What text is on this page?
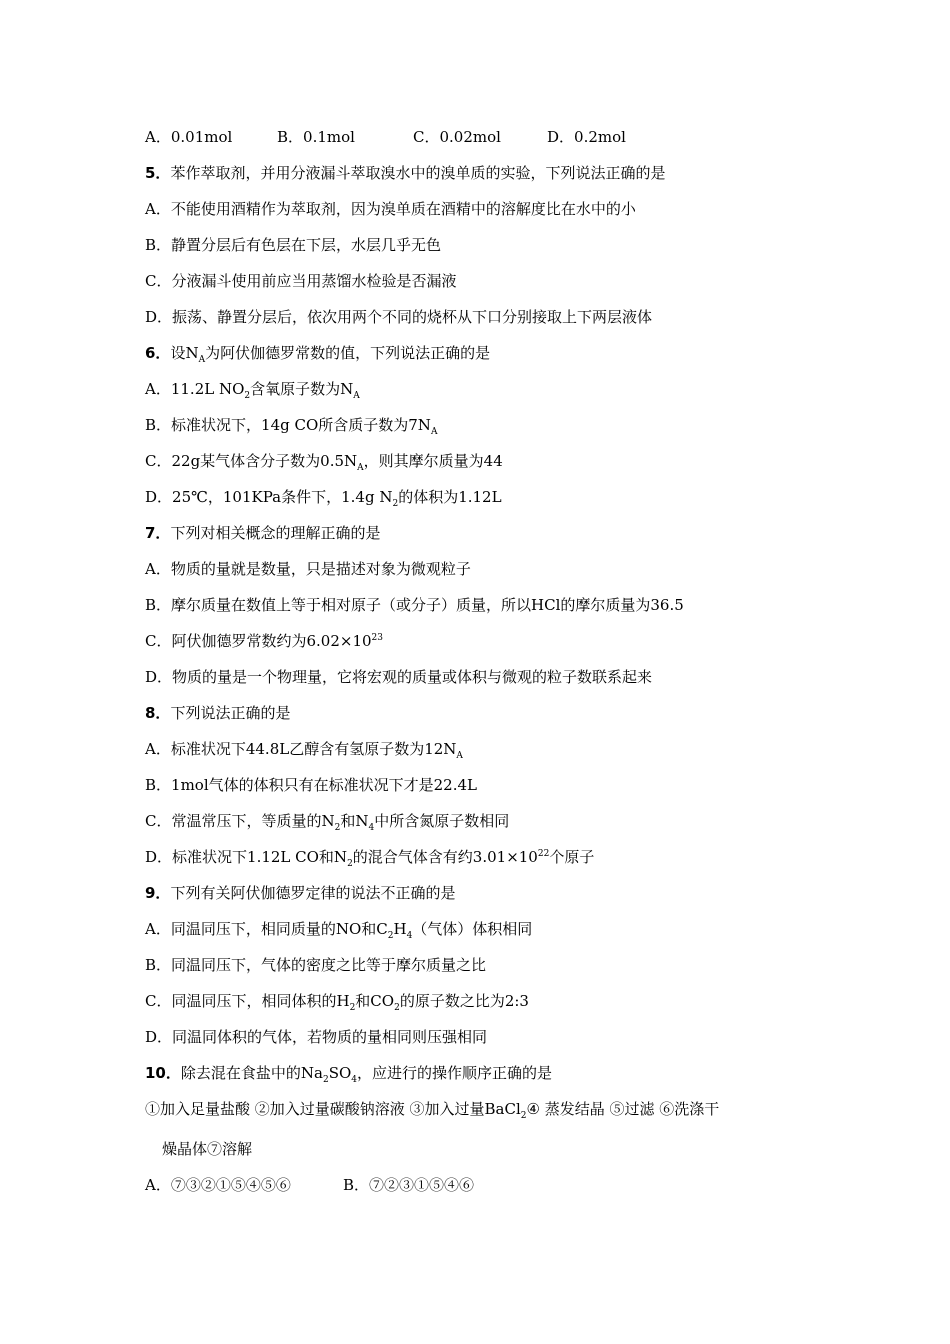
A．0.01mol	B．0.1mol	C．0.02mol	D．0.2mol
5．苯作萃取剂，并用分液漏斗萃取溴水中的溴单质的实验，下列说法正确的是
A．不能使用酒精作为萃取剂，因为溴单质在酒精中的溶解度比在水中的小
B．静置分层后有色层在下层，水层几乎无色
C．分液漏斗使用前应当用蒸馏水检验是否漏液
D．振荡、静置分层后，依次用两个不同的烧杯从下口分别接取上下两层液体
6．设$N_A$为阿伏伽德罗常数的值，下列说法正确的是
A．11.2L $NO_2$含氧原子数为$N_A$
B．标准状况下，14g CO所含质子数为$7N_A$
C．22g某气体含分子数为$0.5N_A$，则其摩尔质量为44
D．25℃，101KPa条件下，1.4g $N_2$的体积为1.12L
7．下列对相关概念的理解正确的是
A．物质的量就是数量，只是描述对象为微观粒子
B．摩尔质量在数值上等于相对原子（或分子）质量，所以HCl的摩尔质量为36.5
C．阿伏伽德罗常数约为$6.02\times 10^{23}$
D．物质的量是一个物理量，它将宏观的质量或体积与微观的粒子数联系起来
8．下列说法正确的是
A．标准状况下44.8L乙醇含有氢原子数为$12N_A$
B．1mol气体的体积只有在标准状况下才是22.4L
C．常温常压下，等质量的$N_2$和$N_4$中所含氮原子数相同
D．标准状况下1.12L CO和$N_2$的混合气体含有约$3.01\times 10^{22}$个原子
9．下列有关阿伏伽德罗定律的说法不正确的是
A．同温同压下，相同质量的NO和$C_2H_4$（气体）体积相同
B．同温同压下，气体的密度之比等于摩尔质量之比
C．同温同压下，相同体积的$H_2$和$CO_2$的原子数之比为2:3
D．同温同体积的气体，若物质的量相同则压强相同
10．除去混在食盐中的$Na_2SO_4$，应进行的操作顺序正确的是
①加入足量盐酸 ②加入过量碳酸钠溶液 ③加入过量BaCl$_2$④ 蒸发结晶 ⑤过滤 ⑥洗涤干
燥晶体⑦溶解
A．⑦③②①⑤④⑤⑥	B．⑦②③①⑤④⑥
